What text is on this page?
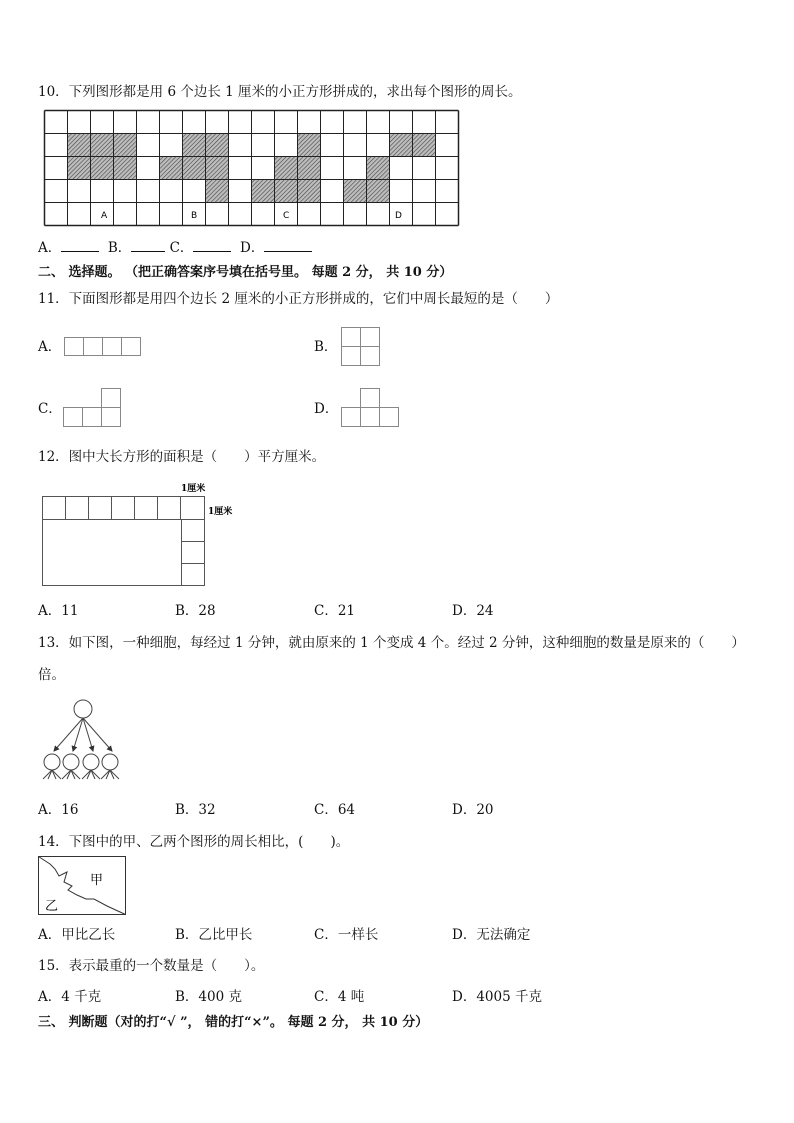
10．下列图形都是用 6 个边长 1 厘米的小正方形拼成的，求出每个图形的周长。
A	B	C	D
A．	B．	C．	D．
二、 选择题。 （把正确答案序号填在括号里。 每题 2 分， 共 10 分）
11．下面图形都是用四个边长 2 厘米的小正方形拼成的，它们中周长最短的是（　　）
A．	B．
C．	D．
12．图中大长方形的面积是（　　）平方厘米。
1厘米
1厘米
A．11	B．28	C．21	D．24
13．如下图，一种细胞，每经过 1 分钟，就由原来的 1 个变成 4 个。经过 2 分钟，这种细胞的数量是原来的（　　）
倍。
A．16	B．32	C．64	D．20
14．下图中的甲、乙两个图形的周长相比，(　　)。
甲
乙
A．甲比乙长	B．乙比甲长	C．一样长	D．无法确定
15．表示最重的一个数量是（　　）。
A．4 千克	B．400 克	C．4 吨	D．4005 千克
三、 判断题（对的打“√ ”， 错的打“×”。 每题 2 分， 共 10 分）
